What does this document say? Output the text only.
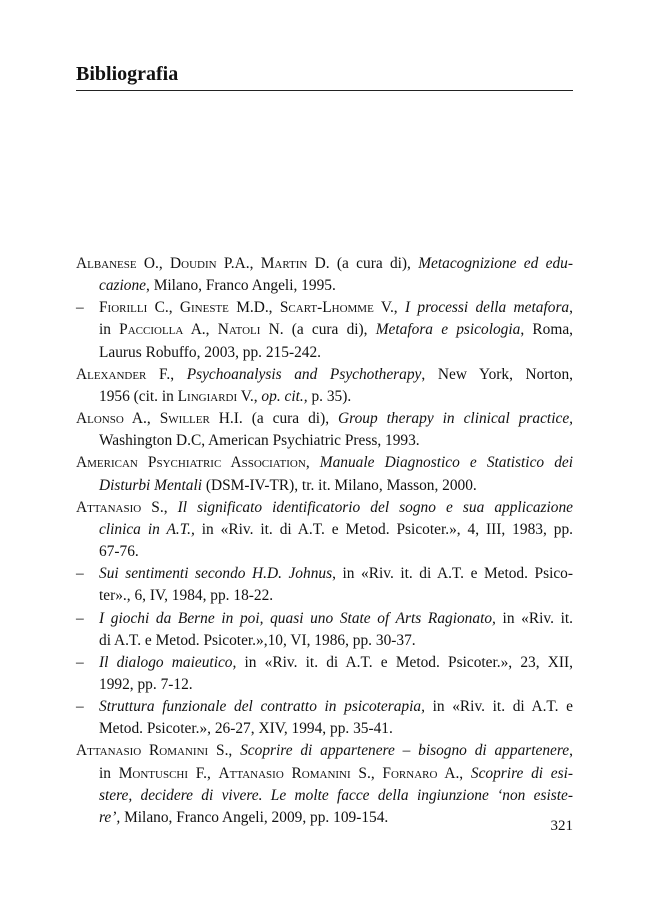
Bibliografia
Albanese O., Doudin P.A., Martin D. (a cura di), Metacognizione ed edu-
cazione, Milano, Franco Angeli, 1995.
– Fiorilli C., Gineste M.D., Scart-Lhomme V., I processi della metafora,
in Pacciolla A., Natoli N. (a cura di), Metafora e psicologia, Roma,
Laurus Robuffo, 2003, pp. 215-242.
Alexander F., Psychoanalysis and Psychotherapy, New York, Norton,
1956 (cit. in Lingiardi V., op. cit., p. 35).
Alonso A., Swiller H.I. (a cura di), Group therapy in clinical practice,
Washington D.C, American Psychiatric Press, 1993.
American Psychiatric Association, Manuale Diagnostico e Statistico dei
Disturbi Mentali (DSM-IV-TR), tr. it. Milano, Masson, 2000.
Attanasio S., Il significato identificatorio del sogno e sua applicazione
clinica in A.T., in «Riv. it. di A.T. e Metod. Psicoter.», 4, III, 1983, pp.
67-76.
– Sui sentimenti secondo H.D. Johnus, in «Riv. it. di A.T. e Metod. Psico-
ter»., 6, IV, 1984, pp. 18-22.
– I giochi da Berne in poi, quasi uno State of Arts Ragionato, in «Riv. it.
di A.T. e Metod. Psicoter.»,10, VI, 1986, pp. 30-37.
– Il dialogo maieutico, in «Riv. it. di A.T. e Metod. Psicoter.», 23, XII,
1992, pp. 7-12.
– Struttura funzionale del contratto in psicoterapia, in «Riv. it. di A.T. e
Metod. Psicoter.», 26-27, XIV, 1994, pp. 35-41.
Attanasio Romanini S., Scoprire di appartenere – bisogno di appartenere,
in Montuschi F., Attanasio Romanini S., Fornaro A., Scoprire di esi-
stere, decidere di vivere. Le molte facce della ingiunzione ‘non esiste-
re’, Milano, Franco Angeli, 2009, pp. 109-154.
321
